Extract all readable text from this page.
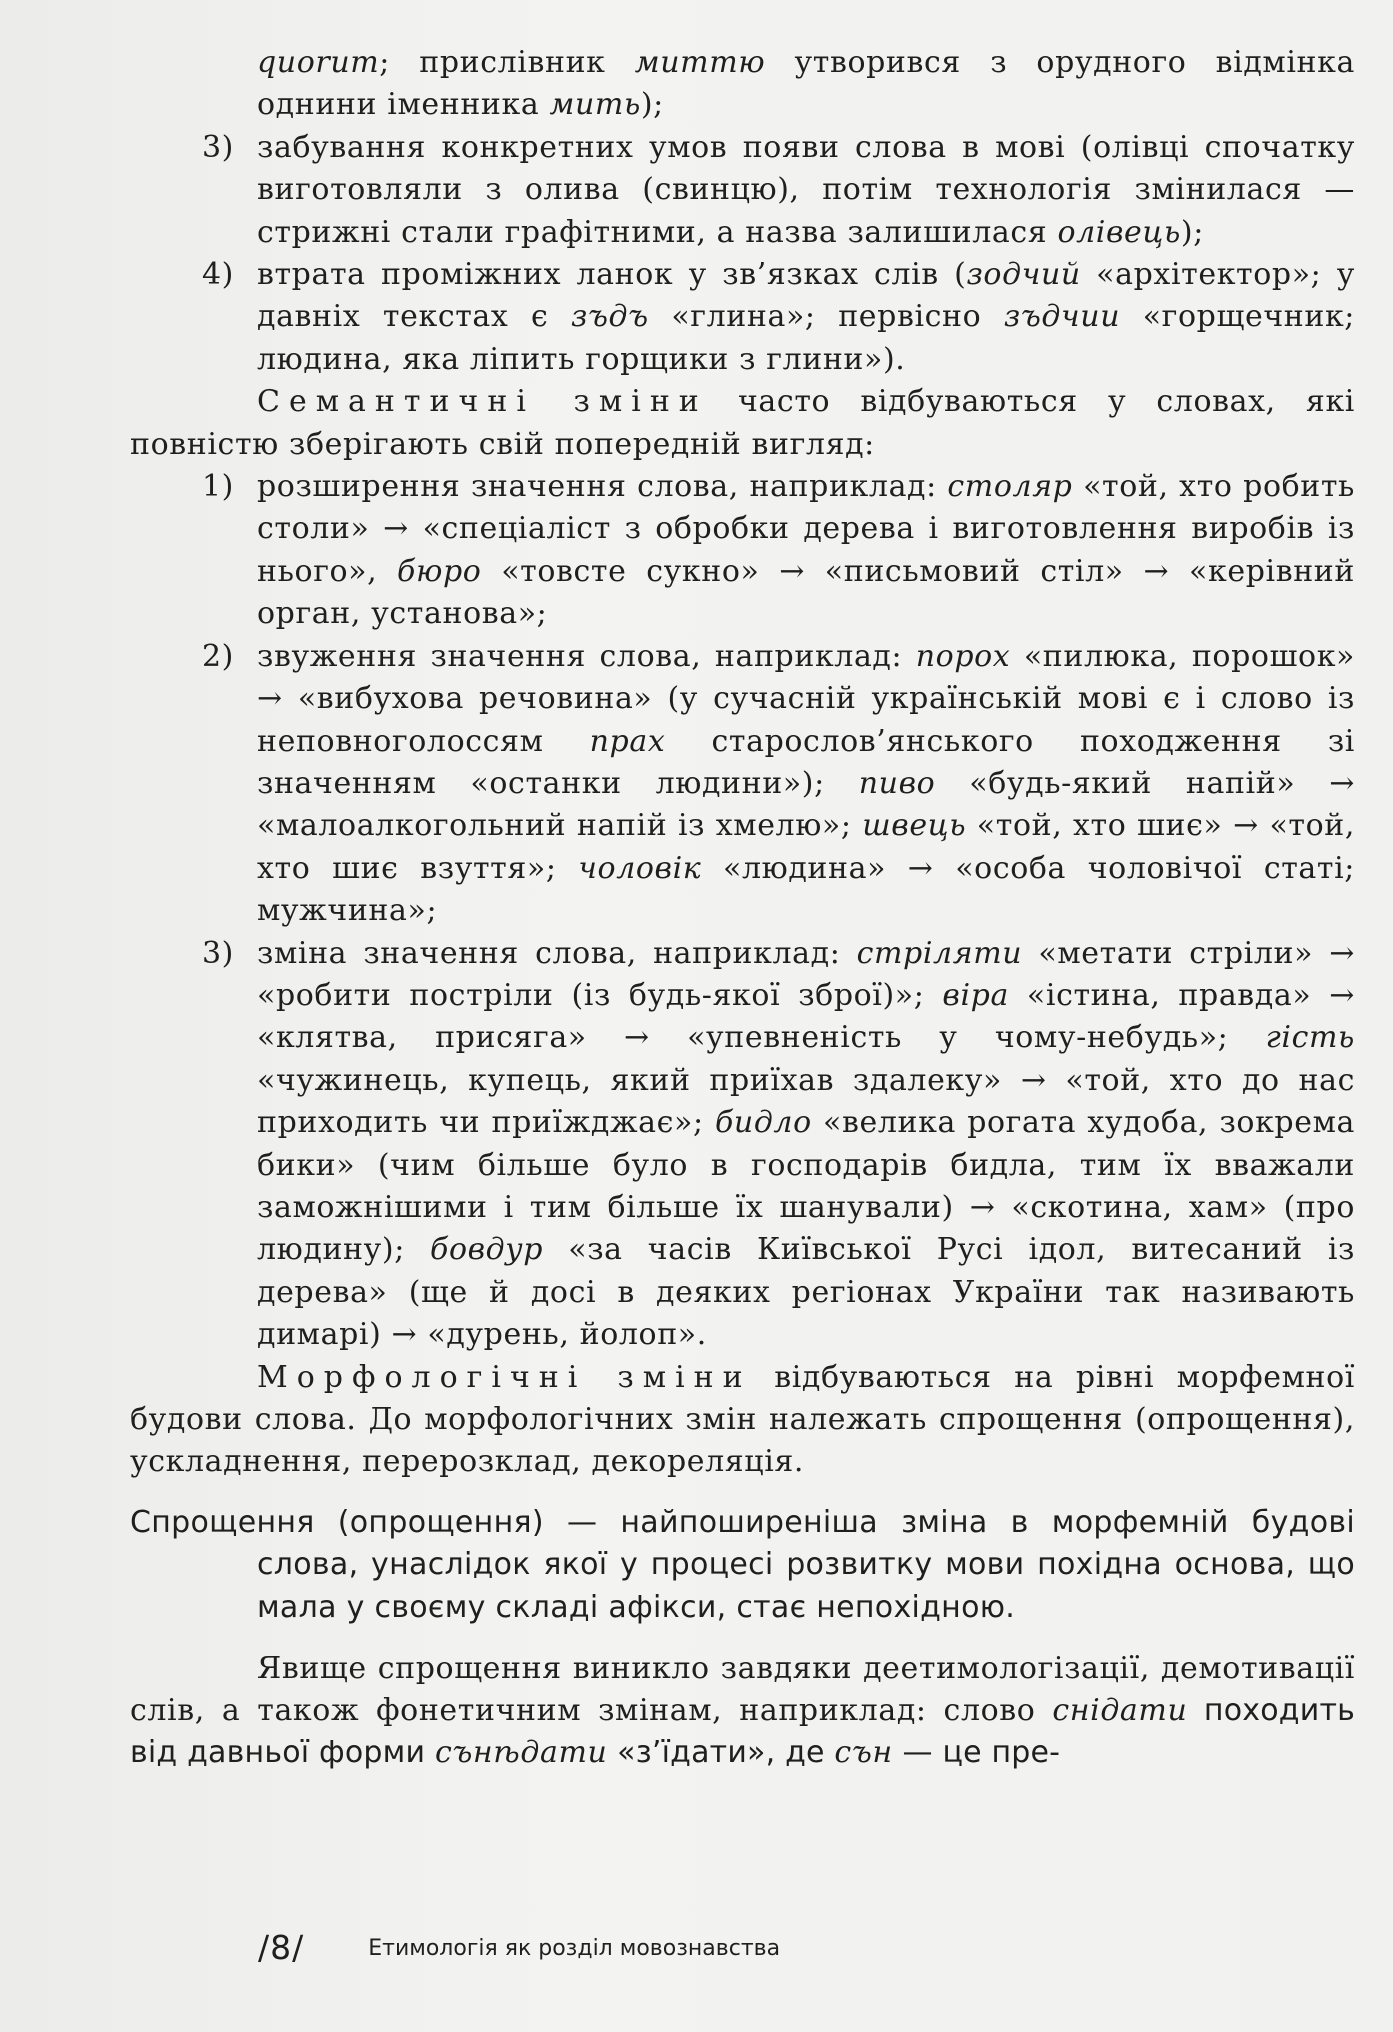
quorum; прислівник миттю утворився з орудного відмінка однини іменника мить);

3) забування конкретних умов появи слова в мові (олівці спочатку виготовляли з олива (свинцю), потім технологія змінилася — стрижні стали графітними, а назва залишилася олівець);

4) втрата проміжних ланок у зв’язках слів (зодчий «архітектор»; у давніх текстах є зъдъ «глина»; первісно зъдчии «горщечник; людина, яка ліпить горщики з глини»).

Семантичні зміни часто відбуваються у словах, які повністю зберігають свій попередній вигляд:

1) розширення значення слова, наприклад: столяр «той, хто робить столи» → «спеціаліст з обробки дерева і виготовлення виробів із нього», бюро «товсте сукно» → «письмовий стіл» → «керівний орган, установа»;

2) звуження значення слова, наприклад: порох «пилюка, порошок» → «вибухова речовина» (у сучасній українській мові є і слово із неповноголоссям прах старослов’янського походження зі значенням «останки людини»); пиво «будь-який напій» → «малоалкогольний напій із хмелю»; швець «той, хто шиє» → «той, хто шиє взуття»; чоловік «людина» → «особа чоловічої статі; мужчина»;

3) зміна значення слова, наприклад: стріляти «метати стріли» → «робити постріли (із будь-якої зброї)»; віра «істина, правда» → «клятва, присяга» → «упевненість у чому-небудь»; гість «чужинець, купець, який приїхав здалеку» → «той, хто до нас приходить чи приїжджає»; бидло «велика рогата худоба, зокрема бики» (чим більше було в господарів бидла, тим їх вважали заможнішими і тим більше їх шанували) → «скотина, хам» (про людину); бовдур «за часів Київської Русі ідол, витесаний із дерева» (ще й досі в деяких регіонах України так називають димарі) → «дурень, йолоп».

Морфологічні зміни відбуваються на рівні морфемної будови слова. До морфологічних змін належать спрощення (опрощення), ускладнення, перерозклад, декореляція.

Спрощення (опрощення) — найпоширеніша зміна в морфемній будові слова, унаслідок якої у процесі розвитку мови похідна основа, що мала у своєму складі афікси, стає непохідною.

Явище спрощення виникло завдяки деетимологізації, демотивації слів, а також фонетичним змінам, наприклад: слово снідати походить від давньої форми сънѣдати «з’їдати», де сън — це пре-

/8/	Етимологія як розділ мовознавства
